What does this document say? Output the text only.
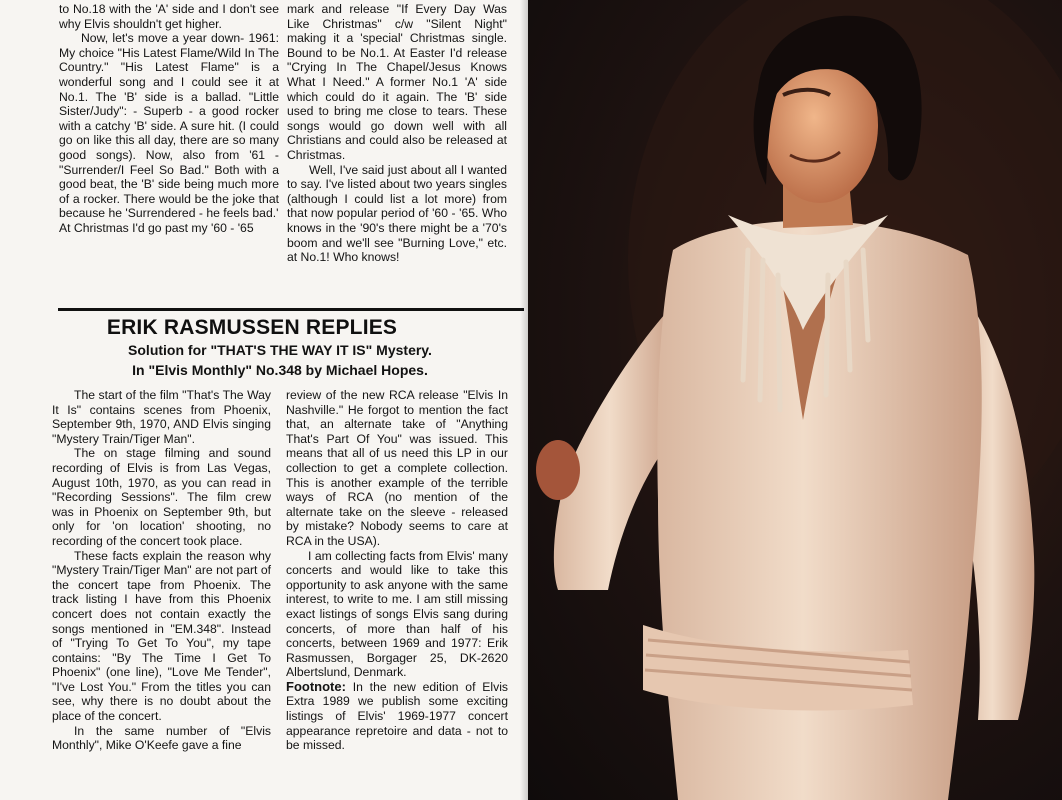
to No.18 with the 'A' side and I don't see why Elvis shouldn't get higher.

Now, let's move a year down- 1961: My choice "His Latest Flame/Wild In The Country." "His Latest Flame" is a wonderful song and I could see it at No.1. The 'B' side is a ballad. "Little Sister/Judy": - Superb - a good rocker with a catchy 'B' side. A sure hit. (I could go on like this all day, there are so many good songs). Now, also from '61 - "Surrender/I Feel So Bad." Both with a good beat, the 'B' side being much more of a rocker. There would be the joke that because he 'Surrendered - he feels bad.'

At Christmas I'd go past my '60 - '65

mark and release "If Every Day Was Like Christmas" c/w "Silent Night" making it a 'special' Christmas single. Bound to be No.1. At Easter I'd release "Crying In The Chapel/Jesus Knows What I Need." A former No.1 'A' side which could do it again. The 'B' side used to bring me close to tears. These songs would go down well with all Christians and could also be released at Christmas.

Well, I've said just about all I wanted to say. I've listed about two years singles (although I could list a lot more) from that now popular period of '60 - '65. Who knows in the '90's there might be a '70's boom and we'll see "Burning Love," etc. at No.1! Who knows!

ERIK RASMUSSEN REPLIES
Solution for "THAT'S THE WAY IT IS" Mystery.
In "Elvis Monthly" No.348 by Michael Hopes.

The start of the film "That's The Way It Is" contains scenes from Phoenix, September 9th, 1970, AND Elvis singing "Mystery Train/Tiger Man".

The on stage filming and sound recording of Elvis is from Las Vegas, August 10th, 1970, as you can read in "Recording Sessions". The film crew was in Phoenix on September 9th, but only for 'on location' shooting, no recording of the concert took place.

These facts explain the reason why "Mystery Train/Tiger Man" are not part of the concert tape from Phoenix. The track listing I have from this Phoenix concert does not contain exactly the songs mentioned in "EM.348". Instead of "Trying To Get To You", my tape contains: "By The Time I Get To Phoenix" (one line), "Love Me Tender", "I've Lost You." From the titles you can see, why there is no doubt about the place of the concert.

In the same number of "Elvis Monthly", Mike O'Keefe gave a fine

review of the new RCA release "Elvis In Nashville." He forgot to mention the fact that, an alternate take of "Anything That's Part Of You" was issued. This means that all of us need this LP in our collection to get a complete collection. This is another example of the terrible ways of RCA (no mention of the alternate take on the sleeve - released by mistake? Nobody seems to care at RCA in the USA).

I am collecting facts from Elvis' many concerts and would like to take this opportunity to ask anyone with the same interest, to write to me. I am still missing exact listings of songs Elvis sang during concerts, of more than half of his concerts, between 1969 and 1977: Erik Rasmussen, Borgager 25, DK-2620 Albertslund, Denmark.

Footnote: In the new edition of Elvis Extra 1989 we publish some exciting listings of Elvis' 1969-1977 concert appearance repretoire and data - not to be missed.
